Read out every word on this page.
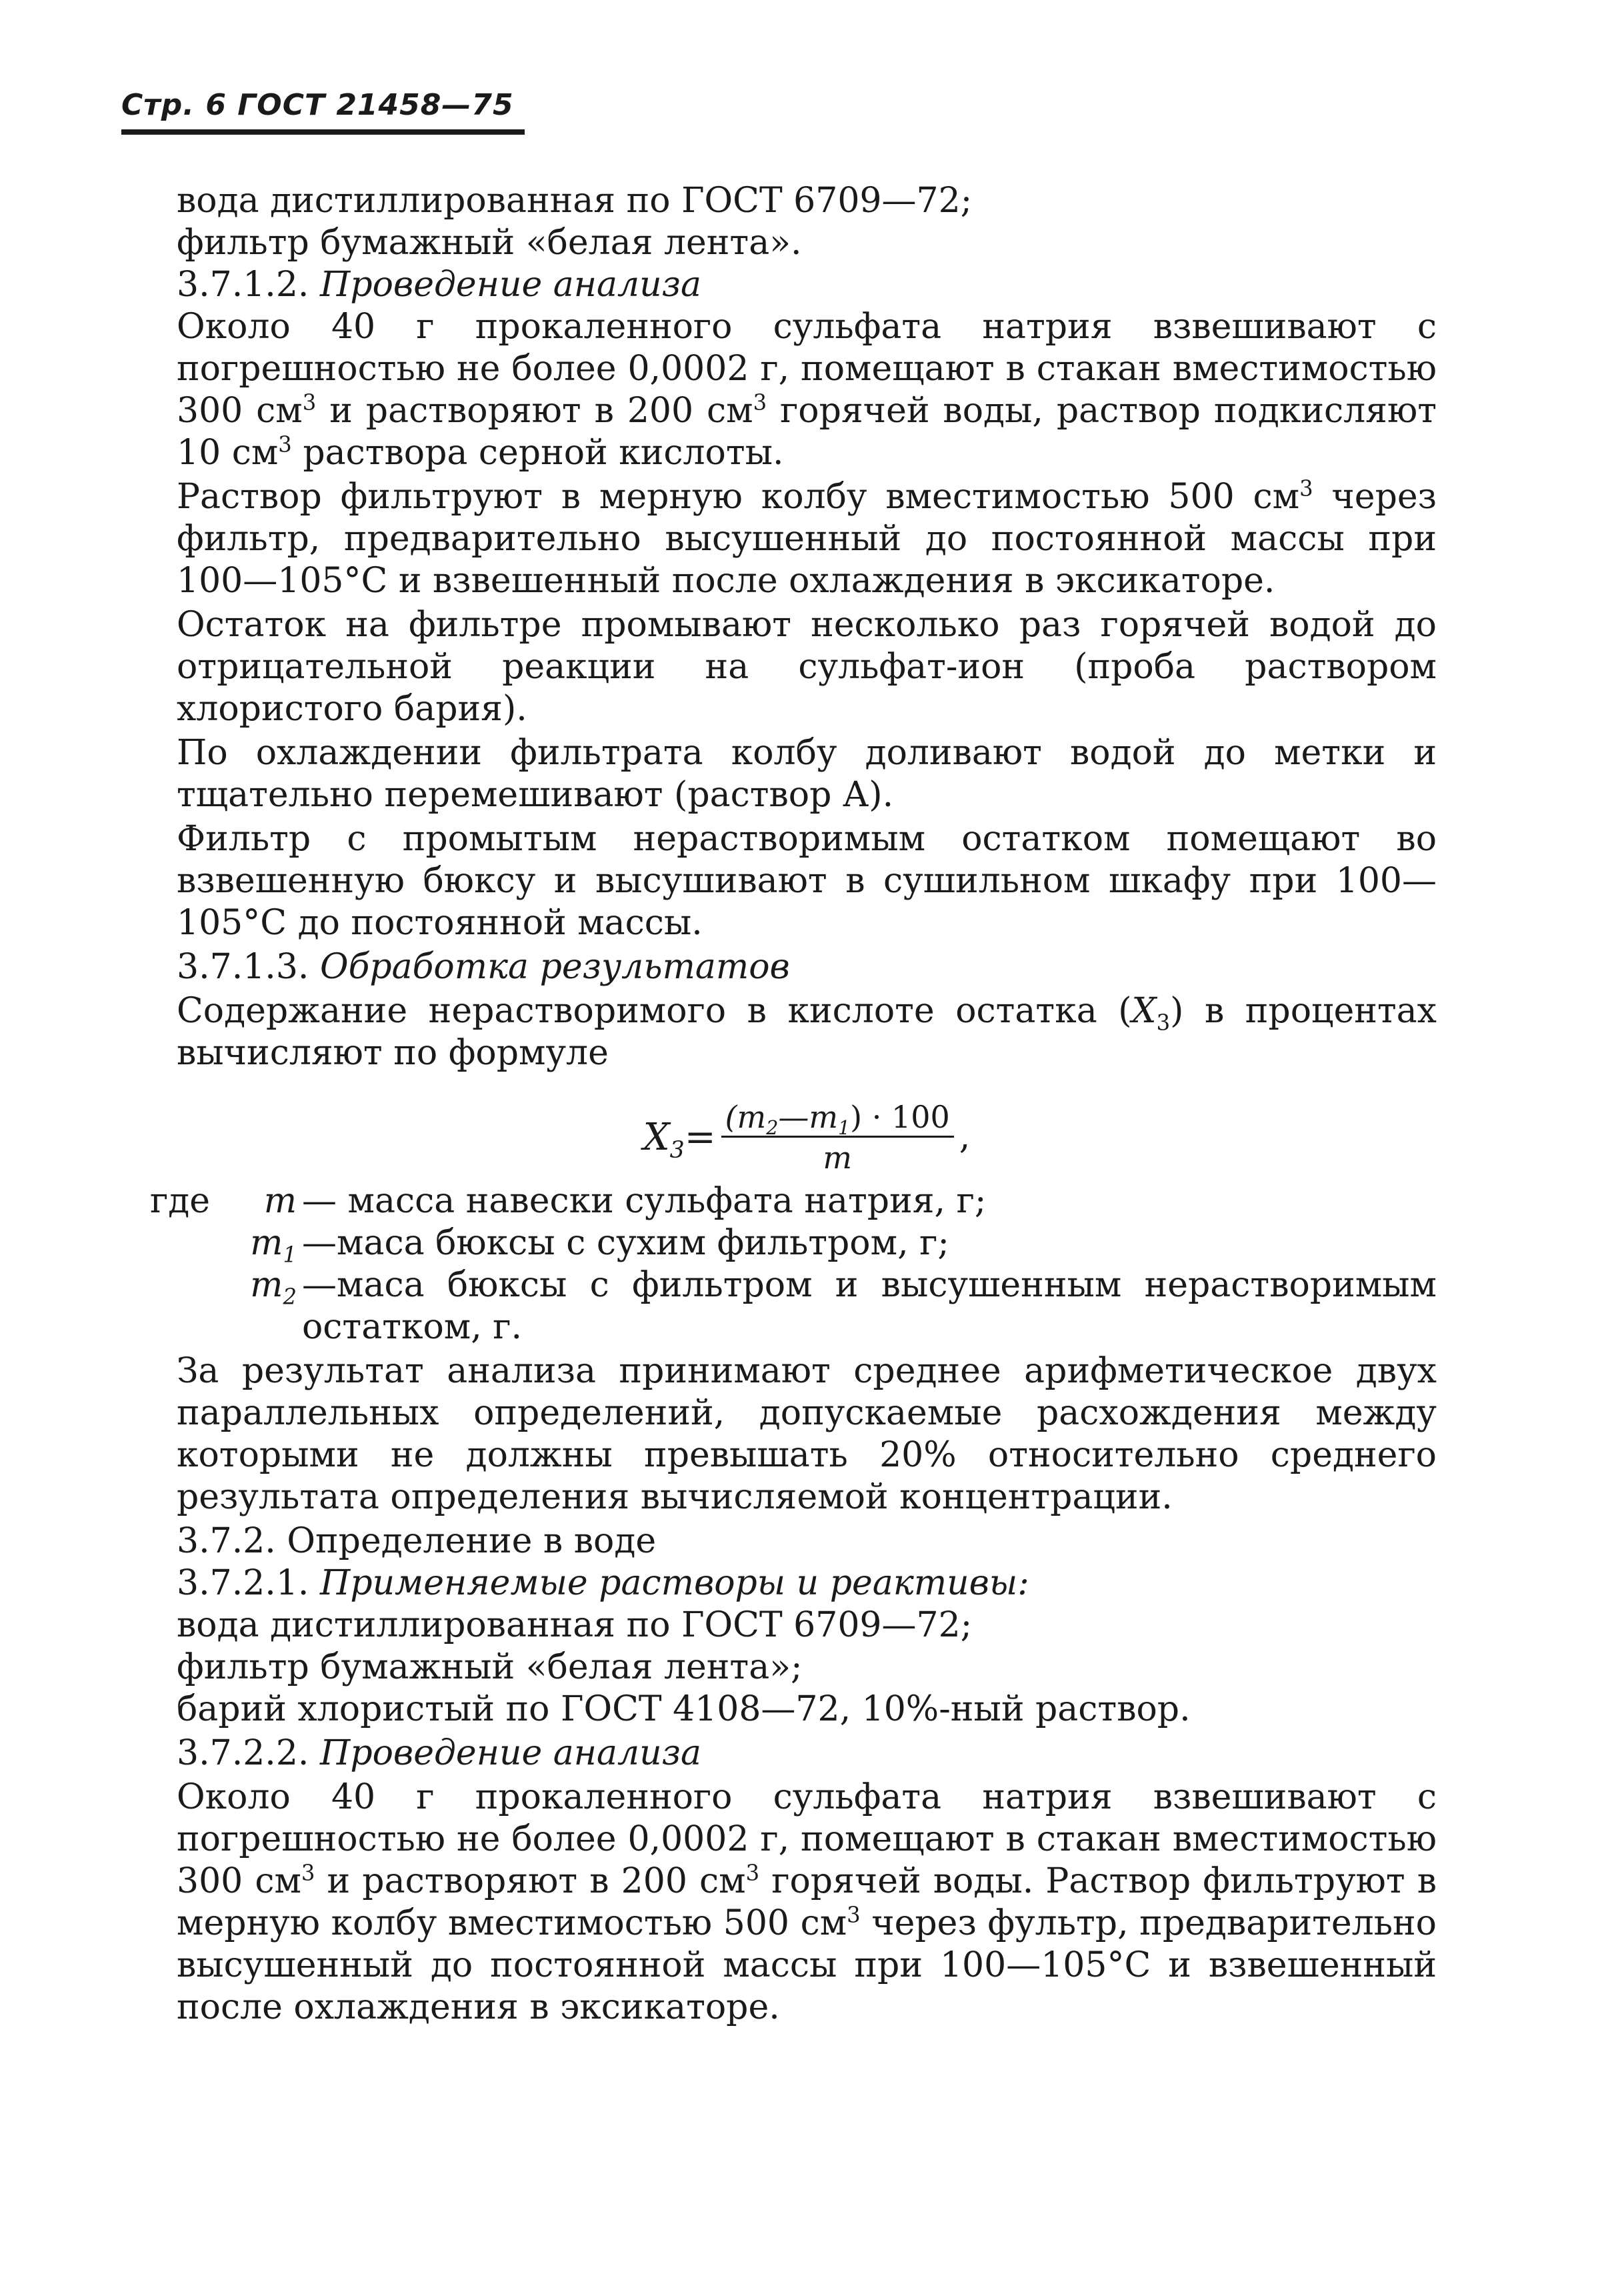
Стр. 6 ГОСТ 21458—75

вода дистиллированная по ГОСТ 6709—72;

фильтр бумажный «белая лента».

3.7.1.2. Проведение анализа

Около 40 г прокаленного сульфата натрия взвешивают с погрешностью не более 0,0002 г, помещают в стакан вместимостью 300 $см^3$ и растворяют в 200 $см^3$ горячей воды, раствор подкисляют 10 $см^3$ раствора серной кислоты.

Раствор фильтруют в мерную колбу вместимостью 500 $см^3$ через фильтр, предварительно высушенный до постоянной массы при 100—105°С и взвешенный после охлаждения в эксикаторе.

Остаток на фильтре промывают несколько раз горячей водой до отрицательной реакции на сульфат-ион (проба раствором хлористого бария).

По охлаждении фильтрата колбу доливают водой до метки и тщательно перемешивают (раствор А).

Фильтр с промытым нерастворимым остатком помещают во взвешенную бюксу и высушивают в сушильном шкафу при 100—105°С до постоянной массы.

3.7.1.3. Обработка результатов

Содержание нерастворимого в кислоте остатка $(X_3)$ в процентах вычисляют по формуле

$X_3= \frac{(m_2—m_1) \cdot 100}{m}$ ,
где	m — масса навески сульфата натрия, г;
$m_1$ —маса бюксы с сухим фильтром, г;
$m_2$ —маса бюксы с фильтром и высушенным нерастворимым остатком, г.

За результат анализа принимают среднее арифметическое двух параллельных определений, допускаемые расхождения между которыми не должны превышать 20% относительно среднего результата определения вычисляемой концентрации.

3.7.2. Определение в воде

3.7.2.1. Применяемые растворы и реактивы:

вода дистиллированная по ГОСТ 6709—72;

фильтр бумажный «белая лента»;

барий хлористый по ГОСТ 4108—72, 10%-ный раствор.

3.7.2.2. Проведение анализа

Около 40 г прокаленного сульфата натрия взвешивают с погрешностью не более 0,0002 г, помещают в стакан вместимостью 300 $см^3$ и растворяют в 200 $см^3$ горячей воды. Раствор фильтруют в мерную колбу вместимостью 500 $см^3$ через фультр, предварительно высушенный до постоянной массы при 100—105°С и взвешенный после охлаждения в эксикаторе.
